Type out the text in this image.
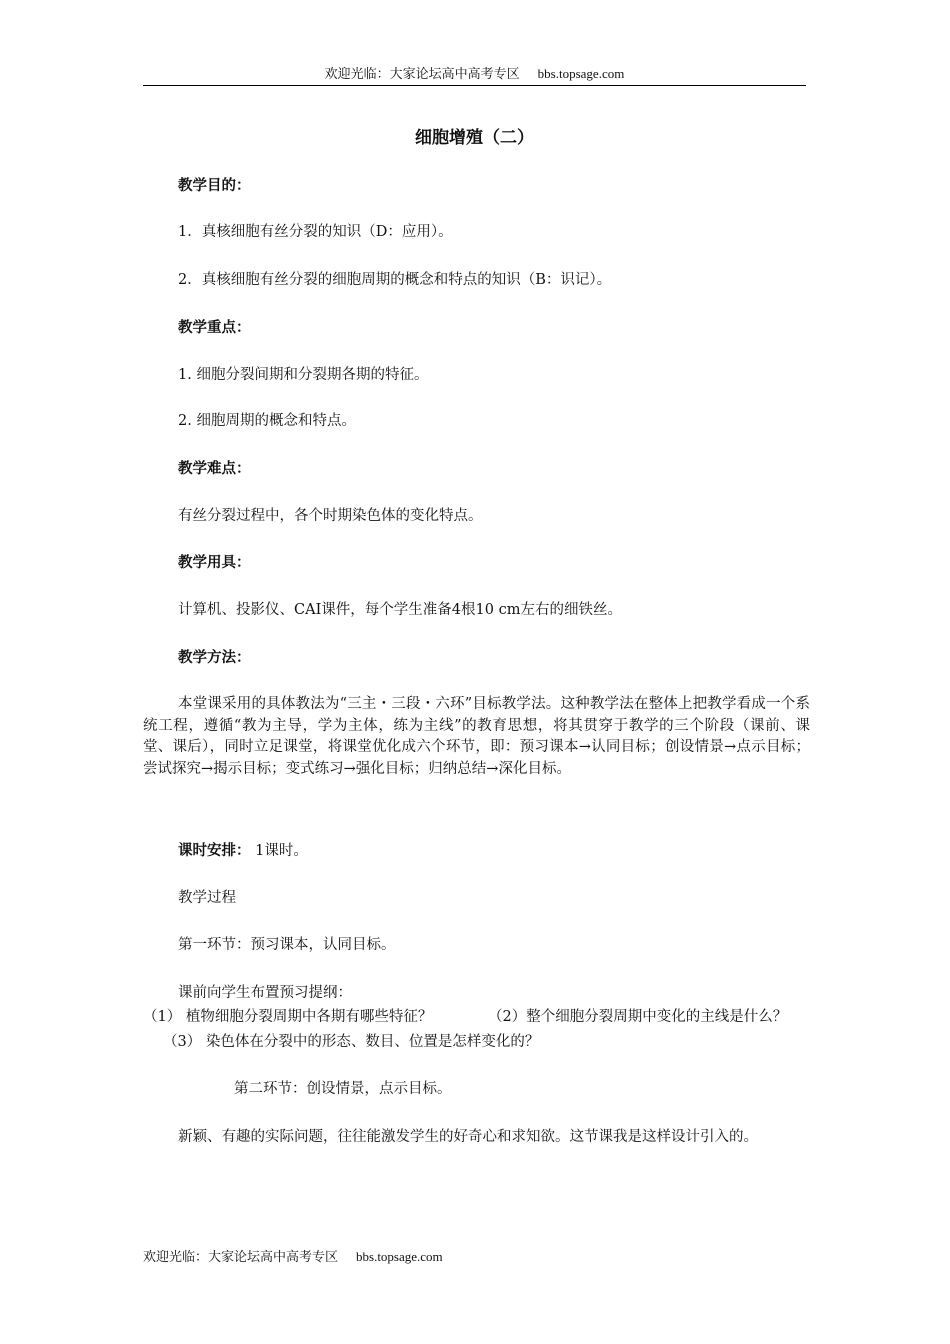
欢迎光临：大家论坛高中高考专区 bbs.topsage.com
细胞增殖（二）
教学目的：
1．真核细胞有丝分裂的知识（D：应用）。
2．真核细胞有丝分裂的细胞周期的概念和特点的知识（B：识记）。
教学重点：
1. 细胞分裂间期和分裂期各期的特征。
2. 细胞周期的概念和特点。
教学难点：
有丝分裂过程中，各个时期染色体的变化特点。
教学用具：
计算机、投影仪、CAI课件，每个学生准备4根10 cm左右的细铁丝。
教学方法：
本堂课采用的具体教法为“三主・三段・六环”目标教学法。这种教学法在整体上把教学看成一个系统工程，遵循“教为主导，学为主体，练为主线”的教育思想，将其贯穿于教学的三个阶段（课前、课堂、课后），同时立足课堂，将课堂优化成六个环节，即：预习课本→认同目标；创设情景→点示目标；尝试探究→揭示目标；变式练习→强化目标；归纳总结→深化目标。
课时安排： 1课时。
教学过程
第一环节：预习课本，认同目标。
课前向学生布置预习提纲：
（1） 植物细胞分裂周期中各期有哪些特征？	（2）整个细胞分裂周期中变化的主线是什么？
（3） 染色体在分裂中的形态、数目、位置是怎样变化的？
第二环节：创设情景，点示目标。
新颖、有趣的实际问题，往往能激发学生的好奇心和求知欲。这节课我是这样设计引入的。
欢迎光临：大家论坛高中高考专区 bbs.topsage.com
